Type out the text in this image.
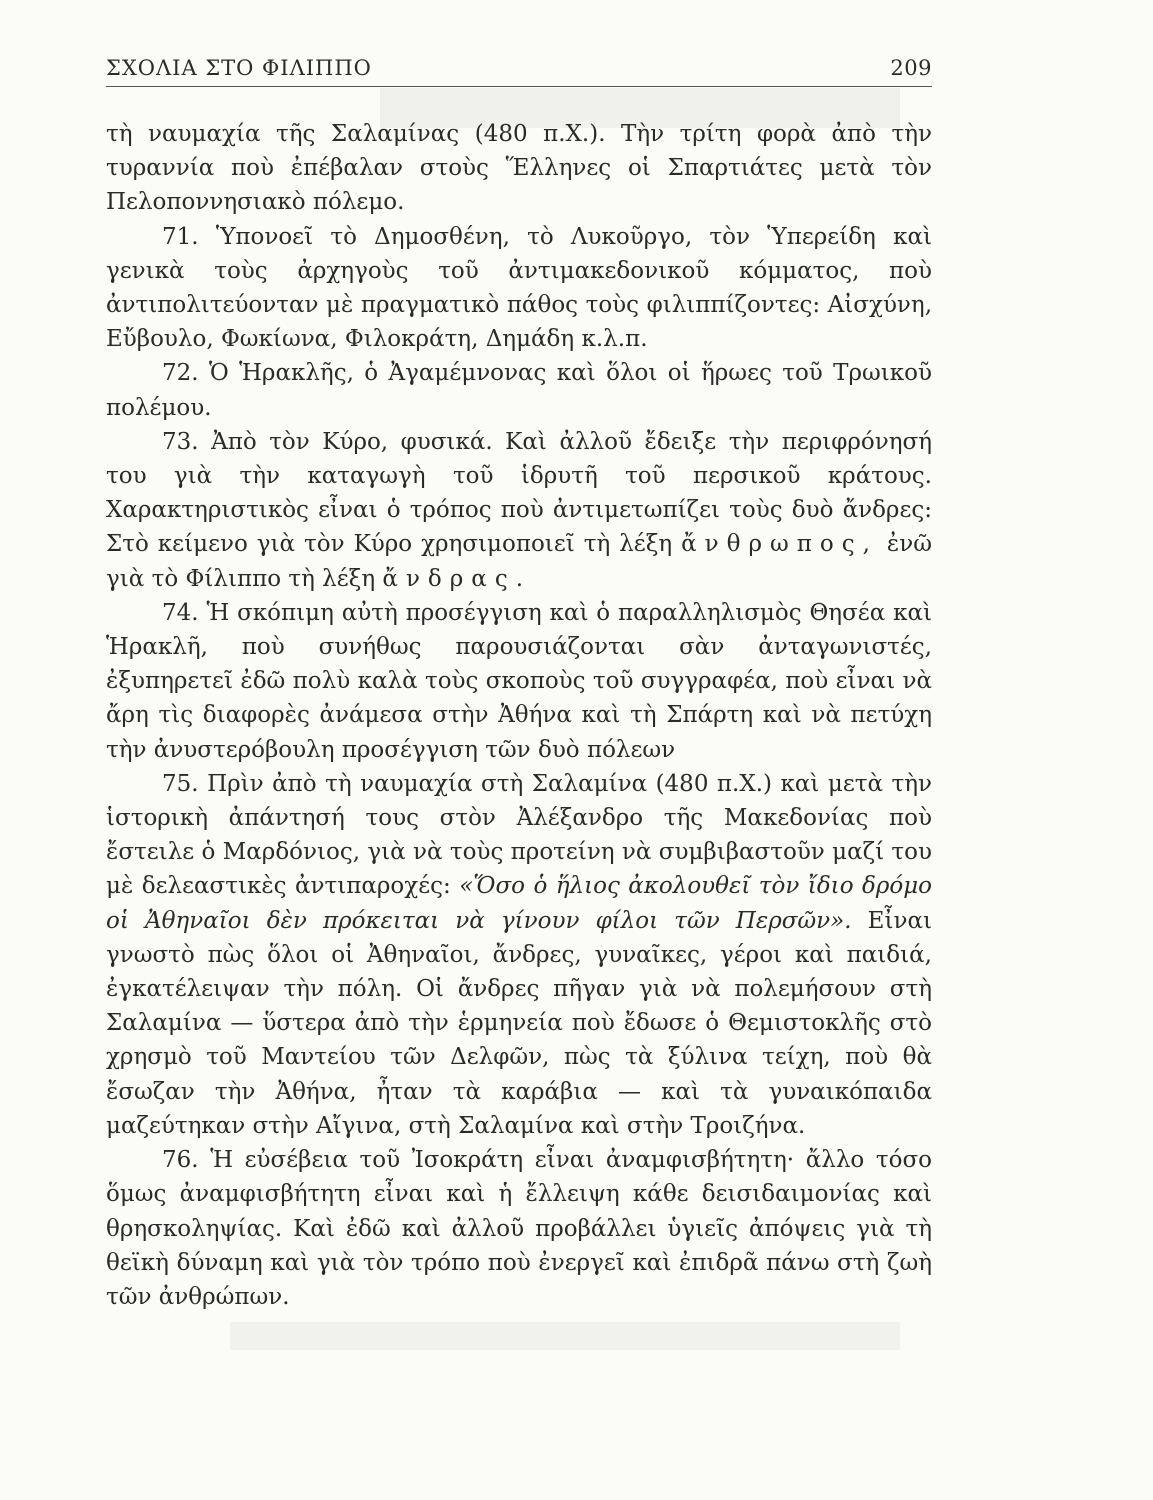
ΣΧΟΛΙΑ ΣΤΟ ΦΙΛΙΠΠΟ	209

τὴ ναυμαχία τῆς Σαλαμίνας (480 π.Χ.). Τὴν τρίτη φορὰ ἀπὸ τὴν τυραννία ποὺ ἐπέβαλαν στοὺς Ἕλληνες οἱ Σπαρτιάτες μετὰ τὸν Πελοποννησιακὸ πόλεμο.

71. Ὑπονοεῖ τὸ Δημοσθένη, τὸ Λυκοῦργο, τὸν Ὑπερείδη καὶ γενικὰ τοὺς ἀρχηγοὺς τοῦ ἀντιμακεδονικοῦ κόμματος, ποὺ ἀντιπολιτεύονταν μὲ πραγματικὸ πάθος τοὺς φιλιππίζοντες: Αἰσχύνη, Εὔβουλο, Φωκίωνα, Φιλοκράτη, Δημάδη κ.λ.π.

72. Ὁ Ἡρακλῆς, ὁ Ἀγαμέμνονας καὶ ὅλοι οἱ ἥρωες τοῦ Τρωικοῦ πολέμου.

73. Ἀπὸ τὸν Κύρο, φυσικά. Καὶ ἀλλοῦ ἔδειξε τὴν περιφρόνησή του γιὰ τὴν καταγωγὴ τοῦ ἱδρυτῆ τοῦ περσικοῦ κράτους. Χαρακτηριστικὸς εἶναι ὁ τρόπος ποὺ ἀντιμετωπίζει τοὺς δυὸ ἄνδρες: Στὸ κείμενο γιὰ τὸν Κύρο χρησιμοποιεῖ τὴ λέξη ἄνθρωπος, ἐνῶ γιὰ τὸ Φίλιππο τὴ λέξη ἄνδρας.

74. Ἡ σκόπιμη αὐτὴ προσέγγιση καὶ ὁ παραλληλισμὸς Θησέα καὶ Ἡρακλῆ, ποὺ συνήθως παρουσιάζονται σὰν ἀνταγωνιστές, ἐξυπηρετεῖ ἐδῶ πολὺ καλὰ τοὺς σκοποὺς τοῦ συγγραφέα, ποὺ εἶναι νὰ ἄρη τὶς διαφορὲς ἀνάμεσα στὴν Ἀθήνα καὶ τὴ Σπάρτη καὶ νὰ πετύχη τὴν ἀνυστερόβουλη προσέγγιση τῶν δυὸ πόλεων

75. Πρὶν ἀπὸ τὴ ναυμαχία στὴ Σαλαμίνα (480 π.Χ.) καὶ μετὰ τὴν ἱστορικὴ ἀπάντησή τους στὸν Ἀλέξανδρο τῆς Μακεδονίας ποὺ ἔστειλε ὁ Μαρδόνιος, γιὰ νὰ τοὺς προτείνη νὰ συμβιβαστοῦν μαζί του μὲ δελεαστικὲς ἀντιπαροχές: «Ὅσο ὁ ἥλιος ἀκολουθεῖ τὸν ἴδιο δρόμο οἱ Ἀθηναῖοι δὲν πρόκειται νὰ γίνουν φίλοι τῶν Περσῶν». Εἶναι γνωστὸ πὼς ὅλοι οἱ Ἀθηναῖοι, ἄνδρες, γυναῖκες, γέροι καὶ παιδιά, ἐγκατέλειψαν τὴν πόλη. Οἱ ἄνδρες πῆγαν γιὰ νὰ πολεμήσουν στὴ Σαλαμίνα — ὕστερα ἀπὸ τὴν ἑρμηνεία ποὺ ἔδωσε ὁ Θεμιστοκλῆς στὸ χρησμὸ τοῦ Μαντείου τῶν Δελφῶν, πὼς τὰ ξύλινα τείχη, ποὺ θὰ ἔσωζαν τὴν Ἀθήνα, ἦταν τὰ καράβια — καὶ τὰ γυναικόπαιδα μαζεύτηκαν στὴν Αἴγινα, στὴ Σαλαμίνα καὶ στὴν Τροιζήνα.

76. Ἡ εὐσέβεια τοῦ Ἰσοκράτη εἶναι ἀναμφισβήτητη· ἄλλο τόσο ὅμως ἀναμφισβήτητη εἶναι καὶ ἡ ἔλλειψη κάθε δεισιδαιμονίας καὶ θρησκοληψίας. Καὶ ἐδῶ καὶ ἀλλοῦ προβάλλει ὑγιεῖς ἀπόψεις γιὰ τὴ θεϊκὴ δύναμη καὶ γιὰ τὸν τρόπο ποὺ ἐνεργεῖ καὶ ἐπιδρᾶ πάνω στὴ ζωὴ τῶν ἀνθρώπων.
